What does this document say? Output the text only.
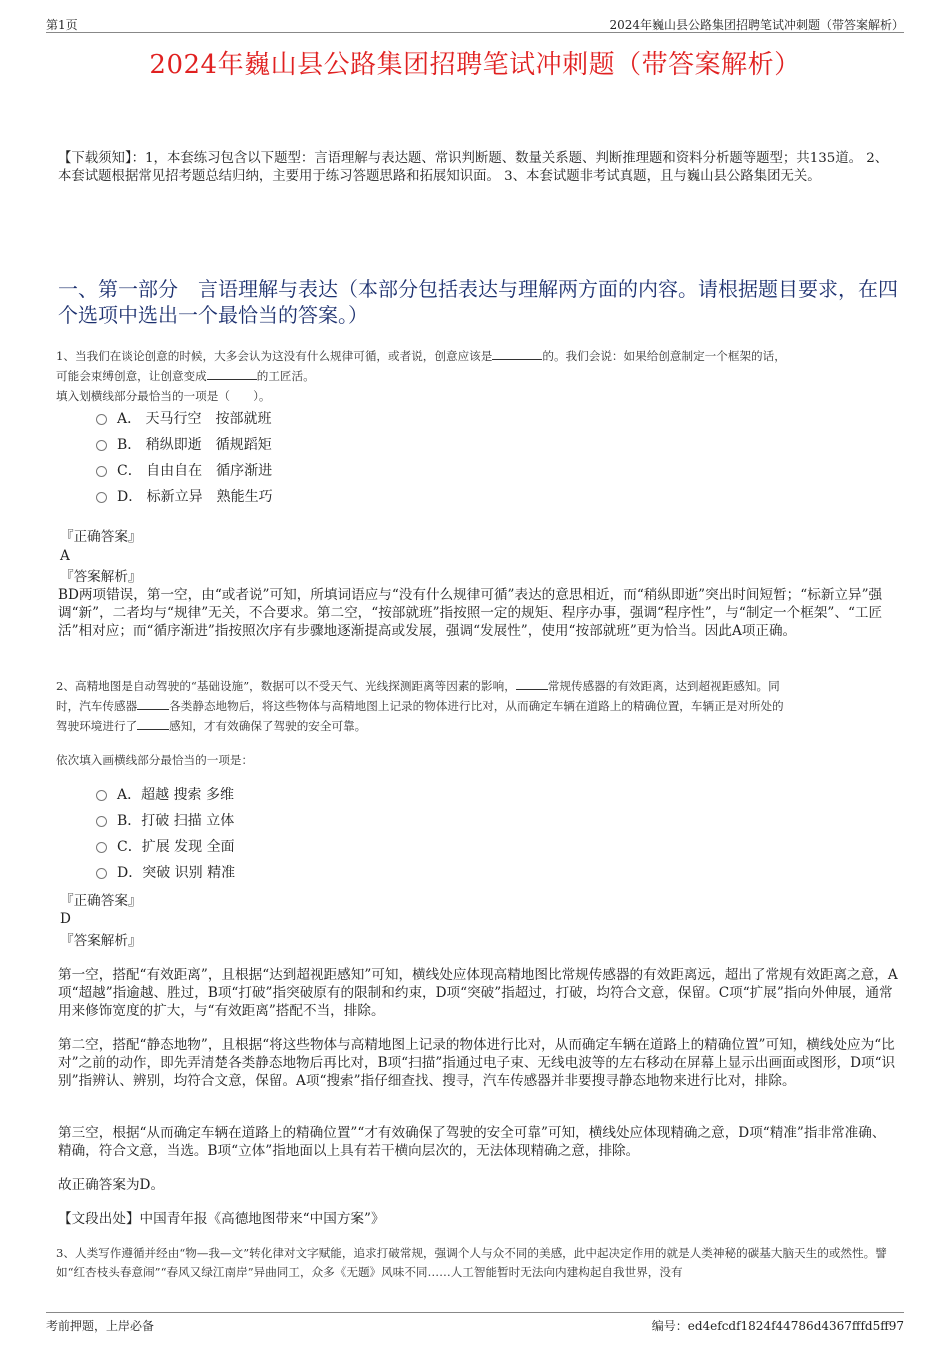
第1页	2024年巍山县公路集团招聘笔试冲刺题（带答案解析）
2024年巍山县公路集团招聘笔试冲刺题（带答案解析）
【下载须知】：1，本套练习包含以下题型：言语理解与表达题、常识判断题、数量关系题、判断推理题和资料分析题等题型；共135道。 2、本套试题根据常见招考题总结归纳，主要用于练习答题思路和拓展知识面。 3、本套试题非考试真题，且与巍山县公路集团无关。
一、第一部分　言语理解与表达（本部分包括表达与理解两方面的内容。请根据题目要求，在四个选项中选出一个最恰当的答案。）
1、当我们在谈论创意的时候，大多会认为这没有什么规律可循，或者说，创意应该是	的。我们会说：如果给创意制定一个框架的话，
可能会束缚创意，让创意变成	的工匠活。
填入划横线部分最恰当的一项是（　　）。
A． 天马行空　按部就班
B． 稍纵即逝　循规蹈矩
C． 自由自在　循序渐进
D． 标新立异　熟能生巧
『正确答案』
A
『答案解析』
BD两项错误，第一空，由“或者说”可知，所填词语应与“没有什么规律可循”表达的意思相近，而“稍纵即逝”突出时间短暂；“标新立异”强调“新”，二者均与“规律”无关，不合要求。第二空，“按部就班”指按照一定的规矩、程序办事，强调“程序性”，与“制定一个框架”、“工匠活”相对应；而“循序渐进”指按照次序有步骤地逐渐提高或发展，强调“发展性”，使用“按部就班”更为恰当。因此A项正确。
2、高精地图是自动驾驶的“基础设施”，数据可以不受天气、光线探测距离等因素的影响，	常规传感器的有效距离，达到超视距感知。同
时，汽车传感器	各类静态地物后，将这些物体与高精地图上记录的物体进行比对，从而确定车辆在道路上的精确位置，车辆正是对所处的
驾驶环境进行了	感知，才有效确保了驾驶的安全可靠。
依次填入画横线部分最恰当的一项是：
A．超越 搜索 多维
B．打破 扫描 立体
C．扩展 发现 全面
D．突破 识别 精准
『正确答案』
D
『答案解析』
第一空，搭配“有效距离”，且根据“达到超视距感知”可知，横线处应体现高精地图比常规传感器的有效距离远，超出了常规有效距离之意，A项“超越”指逾越、胜过，B项“打破”指突破原有的限制和约束，D项“突破”指超过，打破，均符合文意，保留。C项“扩展”指向外伸展，通常用来修饰宽度的扩大，与“有效距离”搭配不当，排除。
第二空，搭配“静态地物”，且根据“将这些物体与高精地图上记录的物体进行比对，从而确定车辆在道路上的精确位置”可知，横线处应为“比对”之前的动作，即先弄清楚各类静态地物后再比对，B项“扫描”指通过电子束、无线电波等的左右移动在屏幕上显示出画面或图形，D项“识别”指辨认、辨别，均符合文意，保留。A项“搜索”指仔细查找、搜寻，汽车传感器并非要搜寻静态地物来进行比对，排除。
第三空，根据“从而确定车辆在道路上的精确位置”“才有效确保了驾驶的安全可靠”可知，横线处应体现精确之意，D项“精准”指非常准确、精确，符合文意，当选。B项“立体”指地面以上具有若干横向层次的，无法体现精确之意，排除。
故正确答案为D。
【文段出处】中国青年报《高德地图带来“中国方案”》
3、人类写作遵循并经由“物—我—文”转化律对文字赋能，追求打破常规，强调个人与众不同的美感，此中起决定作用的就是人类神秘的碳基大脑天生的或然性。譬如“红杏枝头春意闹”“春风又绿江南岸”异曲同工，众多《无题》风味不同……人工智能暂时无法向内建构起自我世界，没有
考前押题，上岸必备	编号：ed4efcdf1824f44786d4367fffd5ff97
